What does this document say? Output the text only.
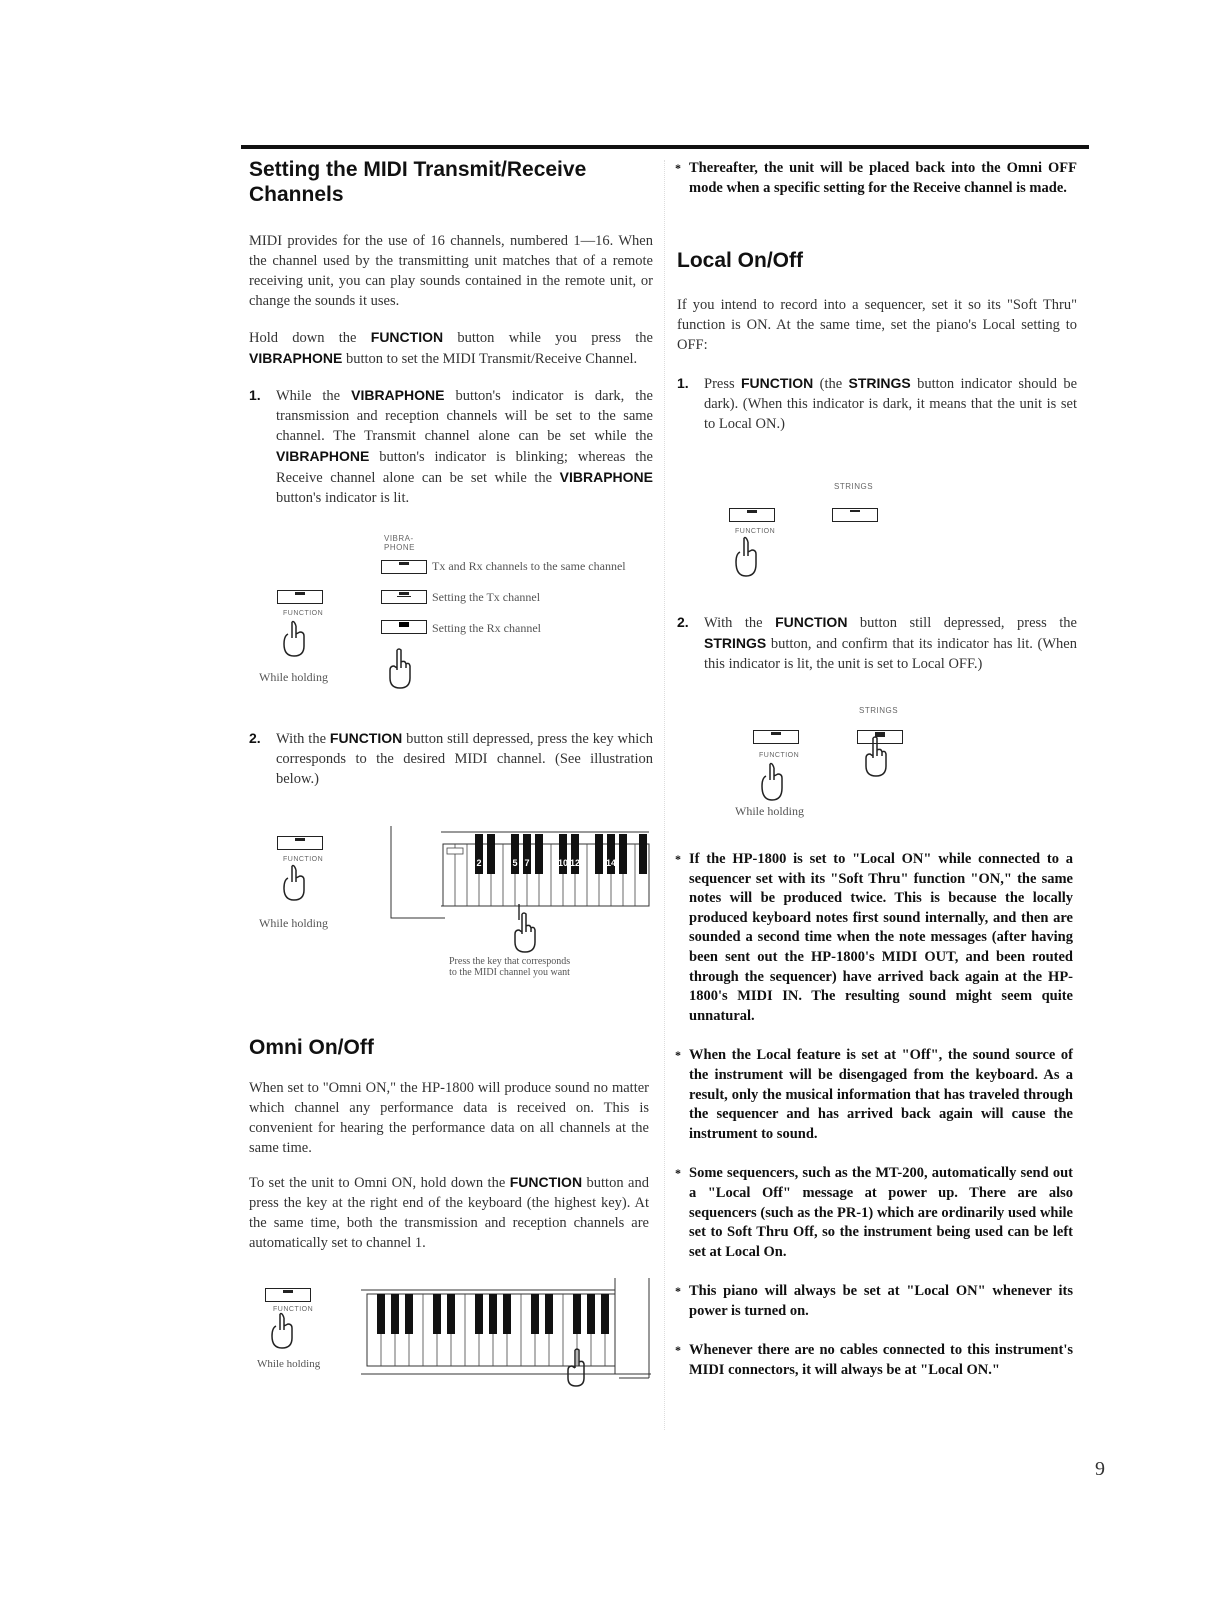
Setting the MIDI Transmit/Receive Channels

MIDI provides for the use of 16 channels, numbered 1—16. When the channel used by the transmitting unit matches that of a remote receiving unit, you can play sounds contained in the remote unit, or change the sounds it uses.

Hold down the FUNCTION button while you press the VIBRAPHONE button to set the MIDI Transmit/Receive Channel.

1. While the VIBRAPHONE button's indicator is dark, the transmission and reception channels will be set to the same channel. The Transmit channel alone can be set while the VIBRAPHONE button's indicator is blinking; whereas the Receive channel alone can be set while the VIBRAPHONE button's indicator is lit.

VIBRA-
PHONE
Tx and Rx channels to the same channel
Setting the Tx channel
Setting the Rx channel
FUNCTION
While holding

2. With the FUNCTION button still depressed, press the key which corresponds to the desired MIDI channel. (See illustration below.)

FUNCTION
While holding
2	5 7	10 12	14
Press the key that corresponds
to the MIDI channel you want
Omni On/Off

When set to "Omni ON," the HP-1800 will produce sound no matter which channel any performance data is received on. This is convenient for hearing the performance data on all channels at the same time.

To set the unit to Omni ON, hold down the FUNCTION button and press the key at the right end of the keyboard (the highest key). At the same time, both the transmission and reception channels are automatically set to channel 1.

FUNCTION
While holding

* Thereafter, the unit will be placed back into the Omni OFF mode when a specific setting for the Receive channel is made.

Local On/Off

If you intend to record into a sequencer, set it so its "Soft Thru" function is ON. At the same time, set the piano's Local setting to OFF:

1. Press FUNCTION (the STRINGS button indicator should be dark). (When this indicator is dark, it means that the unit is set to Local ON.)

STRINGS
FUNCTION

2. With the FUNCTION button still depressed, press the STRINGS button, and confirm that its indicator has lit. (When this indicator is lit, the unit is set to Local OFF.)

STRINGS
FUNCTION
While holding

* If the HP-1800 is set to "Local ON" while connected to a sequencer set with its "Soft Thru" function "ON," the same notes will be produced twice. This is because the locally produced keyboard notes first sound internally, and then are sounded a second time when the note messages (after having been sent out the HP-1800's MIDI OUT, and been routed through the sequencer) have arrived back again at the HP-1800's MIDI IN. The resulting sound might seem quite unnatural.

* When the Local feature is set at "Off", the sound source of the instrument will be disengaged from the keyboard. As a result, only the musical information that has traveled through the sequencer and has arrived back again will cause the instrument to sound.

* Some sequencers, such as the MT-200, automatically send out a "Local Off" message at power up. There are also sequencers (such as the PR-1) which are ordinarily used while set to Soft Thru Off, so the instrument being used can be left set at Local On.

* This piano will always be set at "Local ON" whenever its power is turned on.

* Whenever there are no cables connected to this instrument's MIDI connectors, it will always be at "Local ON."

9
